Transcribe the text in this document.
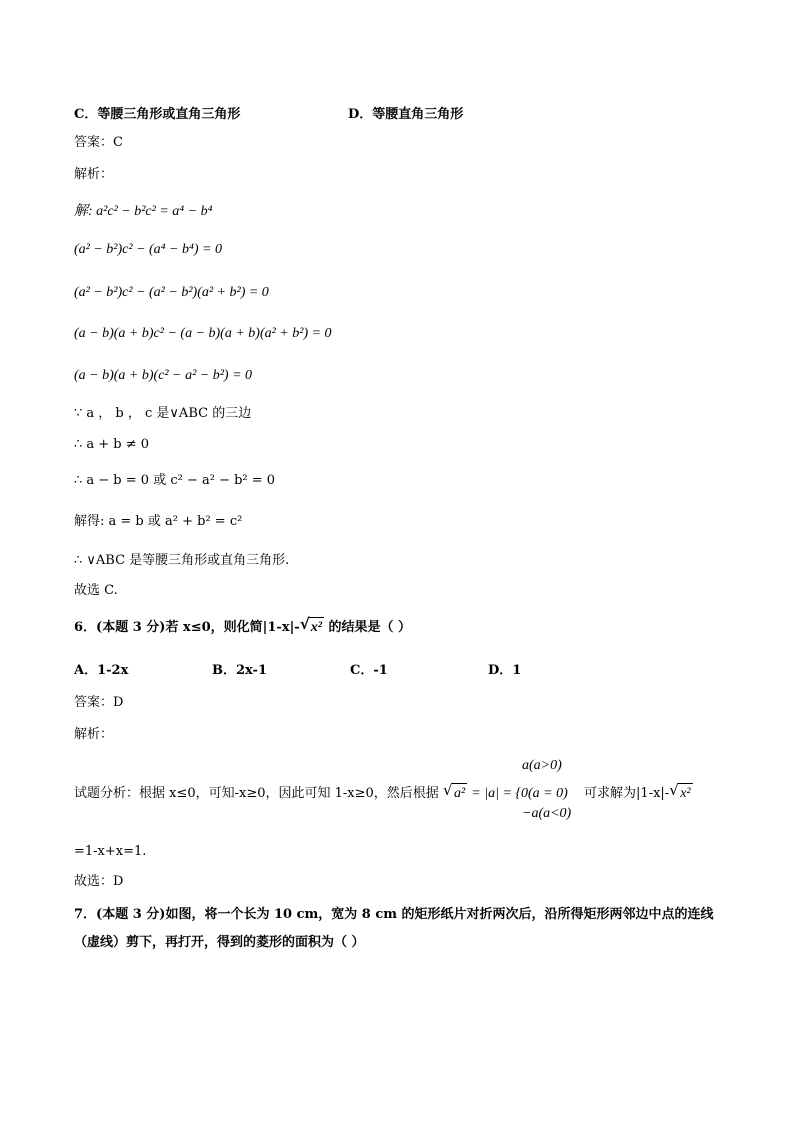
C．等腰三角形或直角三角形	D．等腰直角三角形
答案：C
解析：
解: a²c² − b²c² = a⁴ − b⁴
(a² − b²)c² − (a⁴ − b⁴) = 0
(a² − b²)c² − (a² − b²)(a² + b²) = 0
(a − b)(a + b)c² − (a − b)(a + b)(a² + b²) = 0
(a − b)(a + b)(c² − a² − b²) = 0
∵ a ， b ， c 是∨ABC 的三边
∴ a + b ≠ 0
∴ a − b = 0 或 c² − a² − b² = 0
解得: a = b 或 a² + b² = c²
∴ ∨ABC 是等腰三角形或直角三角形.
故选 C.
6．(本题 3 分)若 x≤0，则化简|1-x|- √ x² 的结果是（ ）
A．1-2x	B．2x-1	C．-1	D．1
答案：D
解析：
a(a>0)
试题分析：根据 x≤0，可知-x≥0，因此可知 1-x≥0，然后根据 √ a² = |a| = {0(a = 0) 可求解为|1-x|- √ x²
−a(a<0)
=1-x+x=1.
故选：D
7．(本题 3 分)如图，将一个长为 10 cm，宽为 8 cm 的矩形纸片对折两次后，沿所得矩形两邻边中点的连线
（虚线）剪下，再打开，得到的菱形的面积为（ ）
